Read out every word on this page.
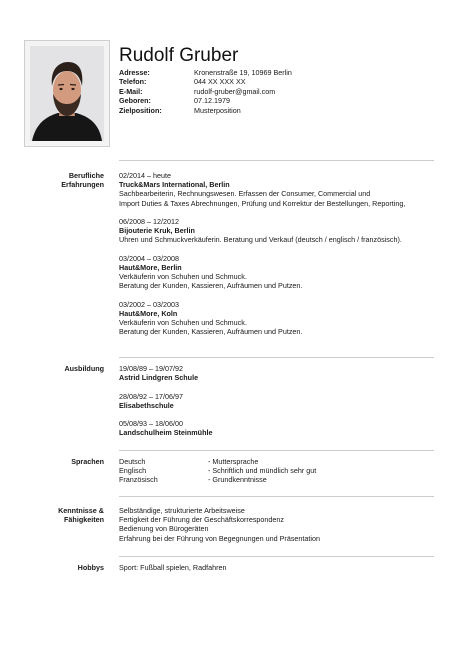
Rudolf Gruber
Adresse:	Kronenstraße 19, 10969 Berlin
Telefon:	044 XX XXX XX
E-Mail:	rudolf-gruber@gmail.com
Geboren:	07.12.1979
Zielposition:	Musterposition
Berufliche
Erfahrungen
02/2014 – heute
Truck&Mars International, Berlin
Sachbearbeiterin, Rechnungswesen. Erfassen der Consumer, Commercial und
Import Duties & Taxes Abrechnungen, Prüfung und Korrektur der Bestellungen, Reporting,
06/2008 – 12/2012
Bijouterie Kruk, Berlin
Uhren und Schmuckverkäuferin. Beratung und Verkauf (deutsch / englisch / französisch).
03/2004 – 03/2008
Haut&More, Berlin
Verkäuferin von Schuhen und Schmuck.
Beratung der Kunden, Kassieren, Aufräumen und Putzen.
03/2002 – 03/2003
Haut&More, Koln
Verkäuferin von Schuhen und Schmuck.
Beratung der Kunden, Kassieren, Aufräumen und Putzen.
Ausbildung 19/08/89 – 19/07/92
Astrid Lindgren Schule
28/08/92 – 17/06/97
Elisabethschule
05/08/93 – 18/06/00
Landschulheim Steinmühle
Sprachen Deutsch	- Muttersprache
Englisch	- Schriftlich und mündlich sehr gut
Französisch	- Grundkenntnisse
Kenntnisse &
Fähigkeiten
Selbständige, strukturierte Arbeitsweise
Fertigkeit der Führung der Geschäftskorrespondenz
Bedienung von Bürogeräten
Erfahrung bei der Führung von Begegnungen und Präsentation
Hobbys Sport: Fußball spielen, Radfahren
